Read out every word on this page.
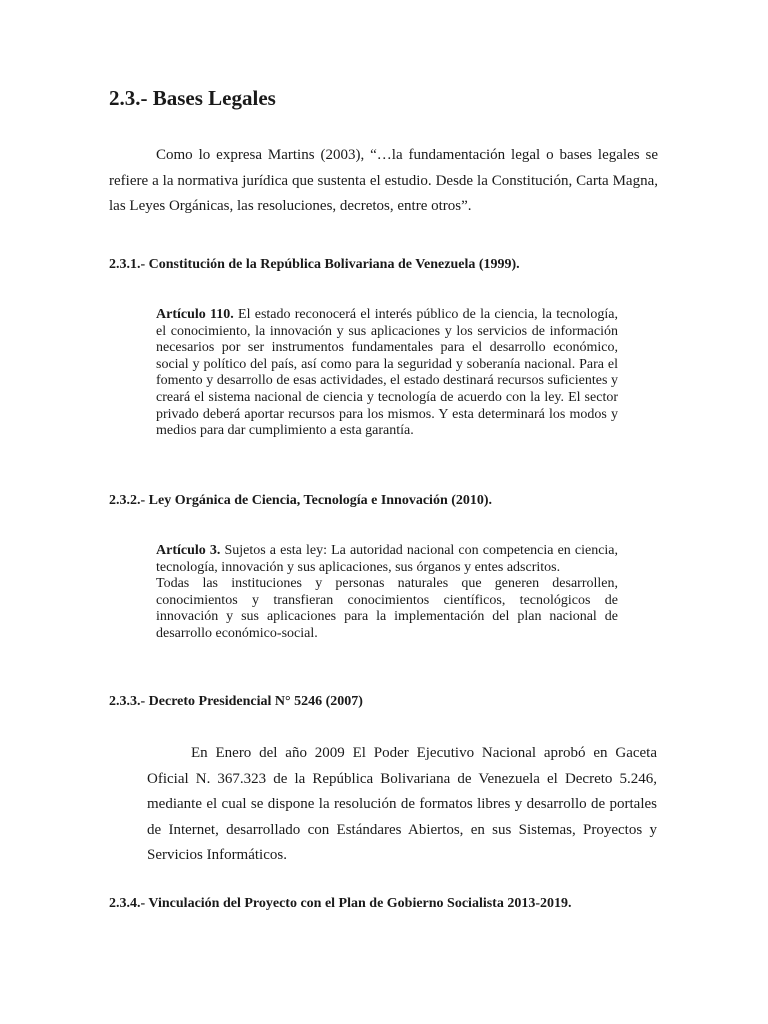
2.3.- Bases Legales

Como lo expresa Martins (2003), “…la fundamentación legal o bases legales se refiere a la normativa jurídica que sustenta el estudio. Desde la Constitución, Carta Magna, las Leyes Orgánicas, las resoluciones, decretos, entre otros”.

2.3.1.- Constitución de la República Bolivariana de Venezuela (1999).

Artículo 110. El estado reconocerá el interés público de la ciencia, la tecnología, el conocimiento, la innovación y sus aplicaciones y los servicios de información necesarios por ser instrumentos fundamentales para el desarrollo económico, social y político del país, así como para la seguridad y soberanía nacional. Para el fomento y desarrollo de esas actividades, el estado destinará recursos suficientes y creará el sistema nacional de ciencia y tecnología de acuerdo con la ley. El sector privado deberá aportar recursos para los mismos. Y esta determinará los modos y medios para dar cumplimiento a esta garantía.

2.3.2.- Ley Orgánica de Ciencia, Tecnología e Innovación (2010).

Artículo 3. Sujetos a esta ley: La autoridad nacional con competencia en ciencia, tecnología, innovación y sus aplicaciones, sus órganos y entes adscritos.
Todas las instituciones y personas naturales que generen desarrollen, conocimientos y transfieran conocimientos científicos, tecnológicos de innovación y sus aplicaciones para la implementación del plan nacional de desarrollo económico-social.

2.3.3.- Decreto Presidencial N° 5246 (2007)

En Enero del año 2009 El Poder Ejecutivo Nacional aprobó en Gaceta Oficial N. 367.323 de la República Bolivariana de Venezuela el Decreto 5.246, mediante el cual se dispone la resolución de formatos libres y desarrollo de portales de Internet, desarrollado con Estándares Abiertos, en sus Sistemas, Proyectos y Servicios Informáticos.

2.3.4.- Vinculación del Proyecto con el Plan de Gobierno Socialista 2013-2019.
